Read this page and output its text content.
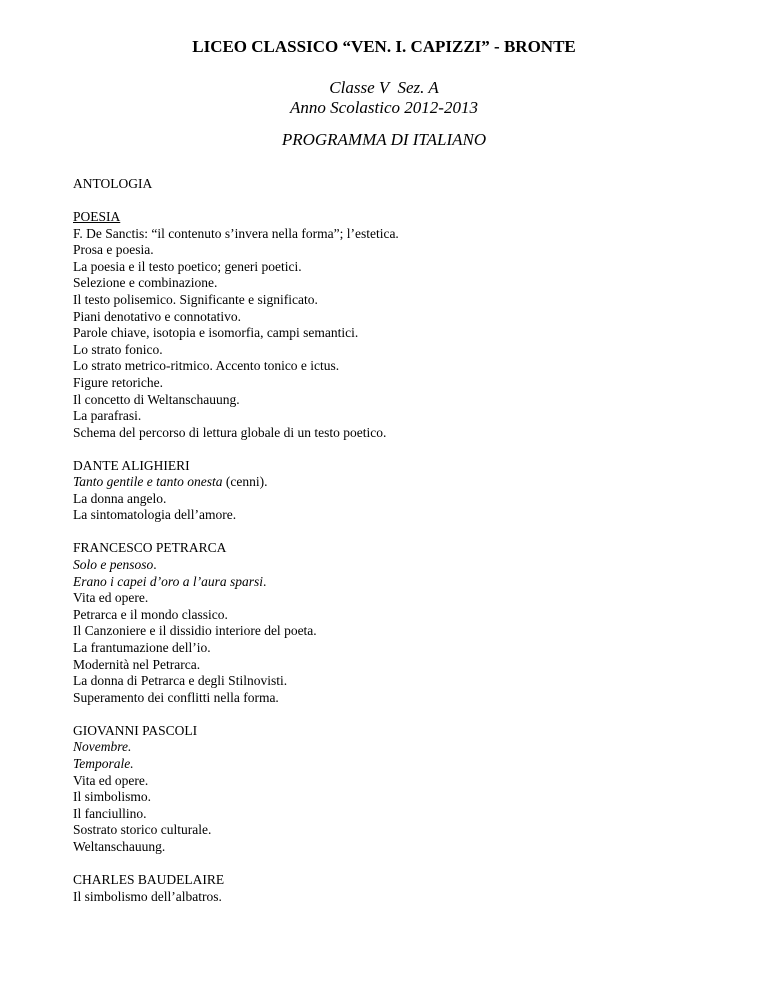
LICEO CLASSICO “VEN. I. CAPIZZI” - BRONTE
Classe V  Sez. A
Anno Scolastico 2012-2013
PROGRAMMA DI ITALIANO
ANTOLOGIA
POESIA
F. De Sanctis: “il contenuto s’invera nella forma”; l’estetica.
Prosa e poesia.
La poesia e il testo poetico; generi poetici.
Selezione e combinazione.
Il testo polisemico. Significante e significato.
Piani denotativo e connotativo.
Parole chiave, isotopia e isomorfia, campi semantici.
Lo strato fonico.
Lo strato metrico-ritmico. Accento tonico e ictus.
Figure retoriche.
Il concetto di Weltanschauung.
La parafrasi.
Schema del percorso di lettura globale di un testo poetico.
DANTE ALIGHIERI
Tanto gentile e tanto onesta (cenni).
La donna angelo.
La sintomatologia dell’amore.
FRANCESCO PETRARCA
Solo e pensoso.
Erano i capei d’oro a l’aura sparsi.
Vita ed opere.
Petrarca e il mondo classico.
Il Canzoniere e il dissidio interiore del poeta.
La frantumazione dell’io.
Modernità nel Petrarca.
La donna di Petrarca e degli Stilnovisti.
Superamento dei conflitti nella forma.
GIOVANNI PASCOLI
Novembre.
Temporale.
Vita ed opere.
Il simbolismo.
Il fanciullino.
Sostrato storico culturale.
Weltanschauung.
CHARLES BAUDELAIRE
Il simbolismo dell’albatros.
